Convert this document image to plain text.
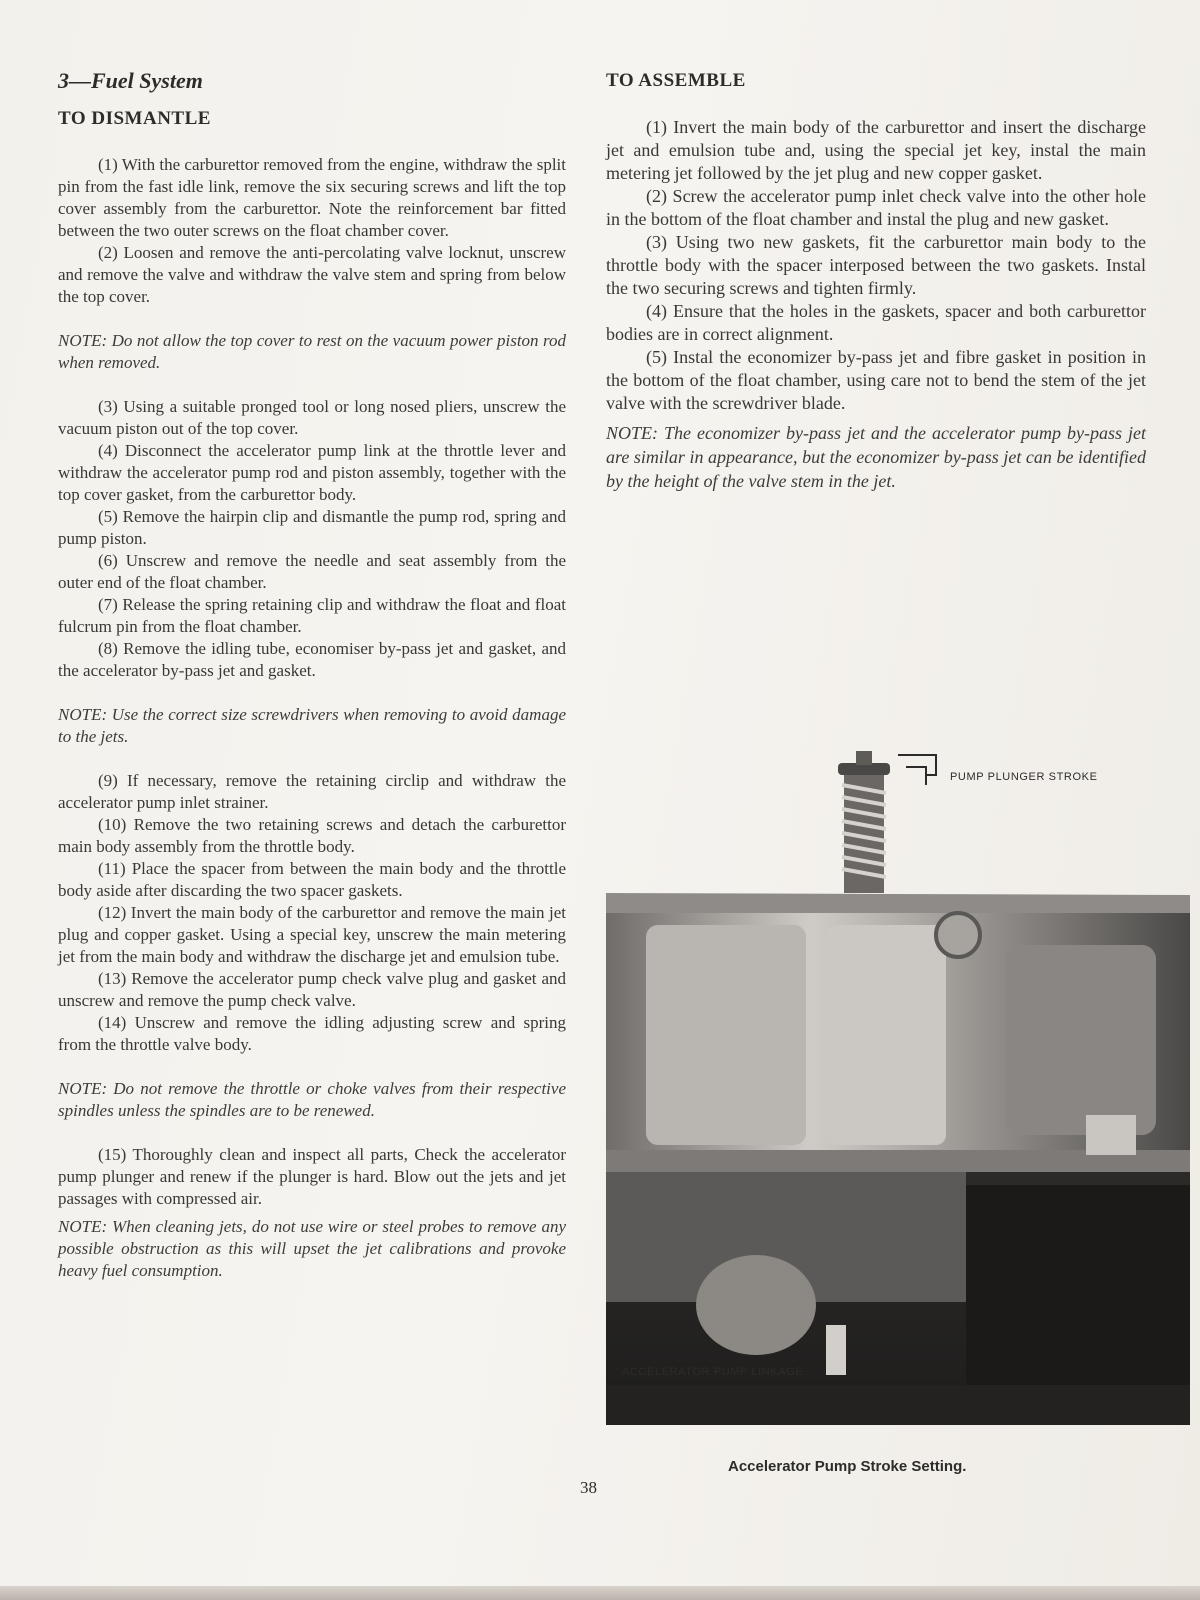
3—Fuel System
TO DISMANTLE

(1) With the carburettor removed from the engine, withdraw the split pin from the fast idle link, remove the six securing screws and lift the top cover assembly from the carburettor. Note the reinforcement bar fitted between the two outer screws on the float chamber cover.

(2) Loosen and remove the anti-percolating valve locknut, unscrew and remove the valve and withdraw the valve stem and spring from below the top cover.

NOTE: Do not allow the top cover to rest on the vacuum power piston rod when removed.

(3) Using a suitable pronged tool or long nosed pliers, unscrew the vacuum piston out of the top cover.

(4) Disconnect the accelerator pump link at the throttle lever and withdraw the accelerator pump rod and piston assembly, together with the top cover gasket, from the carburettor body.

(5) Remove the hairpin clip and dismantle the pump rod, spring and pump piston.

(6) Unscrew and remove the needle and seat assembly from the outer end of the float chamber.

(7) Release the spring retaining clip and withdraw the float and float fulcrum pin from the float chamber.

(8) Remove the idling tube, economiser by-pass jet and gasket, and the accelerator by-pass jet and gasket.

NOTE: Use the correct size screwdrivers when removing to avoid damage to the jets.

(9) If necessary, remove the retaining circlip and withdraw the accelerator pump inlet strainer.

(10) Remove the two retaining screws and detach the carburettor main body assembly from the throttle body.

(11) Place the spacer from between the main body and the throttle body aside after discarding the two spacer gaskets.

(12) Invert the main body of the carburettor and remove the main jet plug and copper gasket. Using a special key, unscrew the main metering jet from the main body and withdraw the discharge jet and emulsion tube.

(13) Remove the accelerator pump check valve plug and gasket and unscrew and remove the pump check valve.

(14) Unscrew and remove the idling adjusting screw and spring from the throttle valve body.

NOTE: Do not remove the throttle or choke valves from their respective spindles unless the spindles are to be renewed.

(15) Thoroughly clean and inspect all parts, Check the accelerator pump plunger and renew if the plunger is hard. Blow out the jets and jet passages with compressed air.

NOTE: When cleaning jets, do not use wire or steel probes to remove any possible obstruction as this will upset the jet calibrations and provoke heavy fuel consumption.

TO ASSEMBLE

(1) Invert the main body of the carburettor and insert the discharge jet and emulsion tube and, using the special jet key, instal the main metering jet followed by the jet plug and new copper gasket.

(2) Screw the accelerator pump inlet check valve into the other hole in the bottom of the float chamber and instal the plug and new gasket.

(3) Using two new gaskets, fit the carburettor main body to the throttle body with the spacer interposed between the two gaskets. Instal the two securing screws and tighten firmly.

(4) Ensure that the holes in the gaskets, spacer and both carburettor bodies are in correct alignment.

(5) Instal the economizer by-pass jet and fibre gasket in position in the bottom of the float chamber, using care not to bend the stem of the jet valve with the screwdriver blade.

NOTE: The economizer by-pass jet and the accelerator pump by-pass jet are similar in appearance, but the economizer by-pass jet can be identified by the height of the valve stem in the jet.

PUMP PLUNGER STROKE
ACCELERATOR PUMP LINKAGE
Accelerator Pump Stroke Setting.
38
